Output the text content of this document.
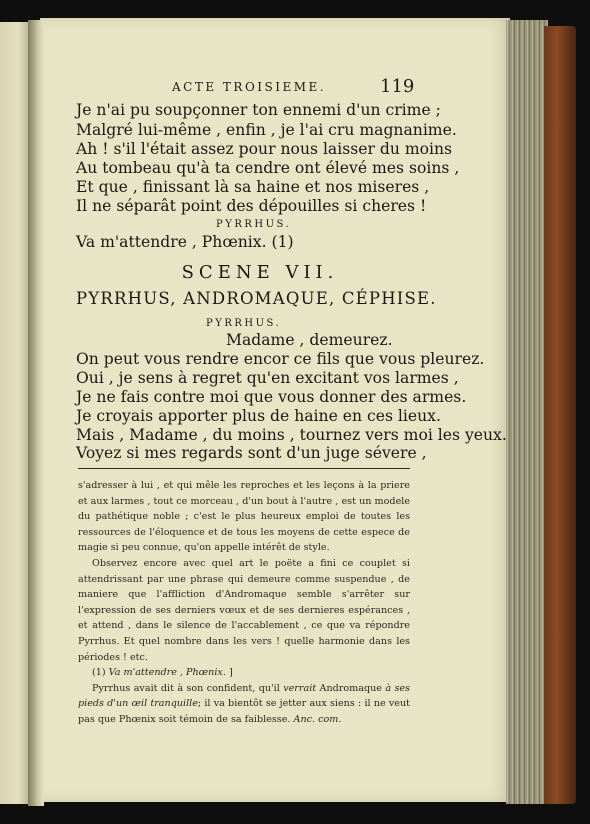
ACTE TROISIEME.	119

Je n'ai pu soupçonner ton ennemi d'un crime ;

Malgré lui-même , enfin , je l'ai cru magnanime.

Ah ! s'il l'était assez pour nous laisser du moins

Au tombeau qu'à ta cendre ont élevé mes soins ,

Et que , finissant là sa haine et nos miseres ,

Il ne séparât point des dépouilles si cheres !

PYRRHUS.

Va m'attendre , Phœnix. (1)

SCENE VII.

PYRRHUS, ANDROMAQUE, CÉPHISE.

PYRRHUS.

Madame , demeurez.

On peut vous rendre encor ce fils que vous pleurez.

Oui , je sens à regret qu'en excitant vos larmes ,

Je ne fais contre moi que vous donner des armes.

Je croyais apporter plus de haine en ces lieux.

Mais , Madame , du moins , tournez vers moi les yeux.

Voyez si mes regards sont d'un juge sévere ,

s'adresser à lui , et qui mêle les reproches et les leçons à la priere et aux larmes , tout ce morceau , d'un bout à l'autre , est un modele du pathétique noble ; c'est le plus heureux emploi de toutes les ressources de l'éloquence et de tous les moyens de cette espece de magie si peu connue, qu'on appelle intérêt de style.

Observez encore avec quel art le poëte a fini ce couplet si attendrissant par une phrase qui demeure comme suspendue , de maniere que l'affliction d'Andromaque semble s'arrêter sur l'expression de ses derniers vœux et de ses dernieres espérances , et attend , dans le silence de l'accablement , ce que va répondre Pyrrhus. Et quel nombre dans les vers ! quelle harmonie dans les périodes ! etc.

(1) Va m'attendre , Phœnix. ]

Pyrrhus avait dit à son confident, qu'il verrait Andromaque à ses pieds d'un œil tranquille; il va bientôt se jetter aux siens : il ne veut pas que Phœnix soit témoin de sa faiblesse. Anc. com.
